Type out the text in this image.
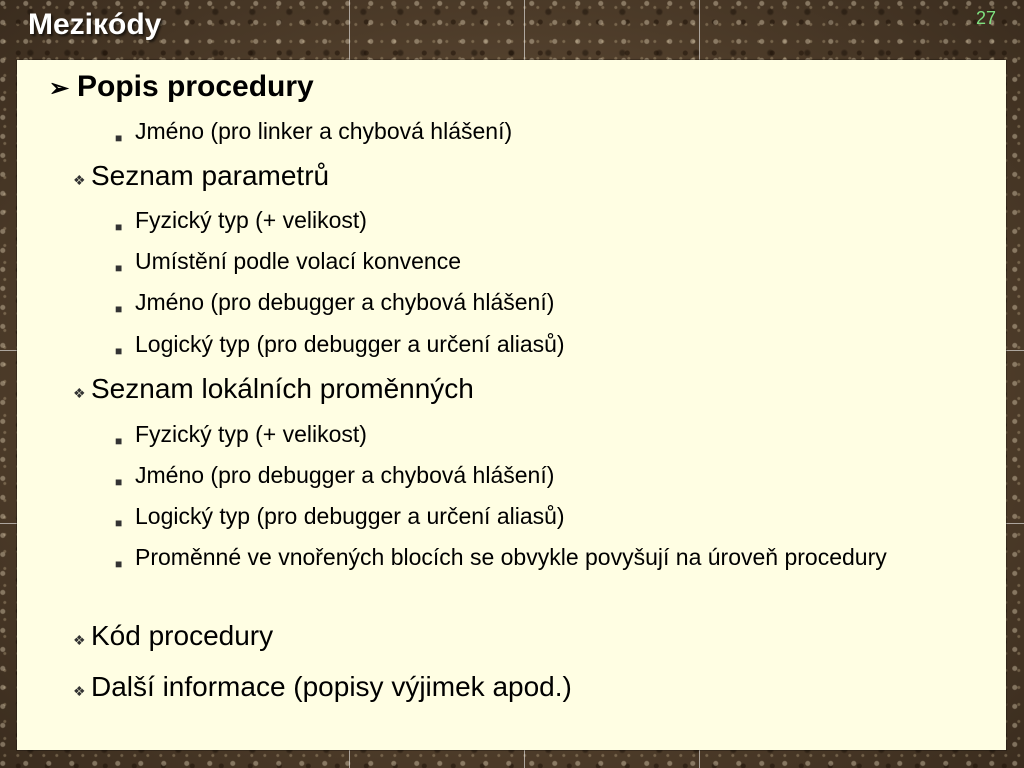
Meziкódy	27
➢ Popis procedury
■ Jméno (pro linker a chybová hlášení)
❖ Seznam parametrů
■ Fyzický typ (+ velikost)
■ Umístění podle volací konvence
■ Jméno (pro debugger a chybová hlášení)
■ Logický typ (pro debugger a určení aliasů)
❖ Seznam lokálních proměnných
■ Fyzický typ (+ velikost)
■ Jméno (pro debugger a chybová hlášení)
■ Logický typ (pro debugger a určení aliasů)
■ Proměnné ve vnořených blocích se obvykle povyšují na úroveň procedury
❖ Kód procedury
❖ Další informace (popisy výjimek apod.)
